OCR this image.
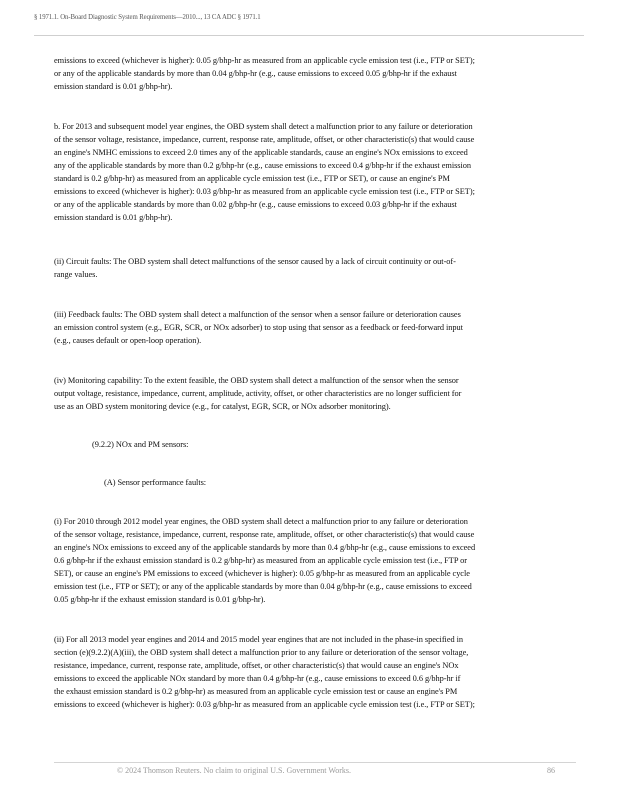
§ 1971.1. On-Board Diagnostic System Requirements—2010..., 13 CA ADC § 1971.1

emissions to exceed (whichever is higher): 0.05 g/bhp-hr as measured from an applicable cycle emission test (i.e., FTP or SET);
or any of the applicable standards by more than 0.04 g/bhp-hr (e.g., cause emissions to exceed 0.05 g/bhp-hr if the exhaust
emission standard is 0.01 g/bhp-hr).

b. For 2013 and subsequent model year engines, the OBD system shall detect a malfunction prior to any failure or deterioration
of the sensor voltage, resistance, impedance, current, response rate, amplitude, offset, or other characteristic(s) that would cause
an engine's NMHC emissions to exceed 2.0 times any of the applicable standards, cause an engine's NOx emissions to exceed
any of the applicable standards by more than 0.2 g/bhp-hr (e.g., cause emissions to exceed 0.4 g/bhp-hr if the exhaust emission
standard is 0.2 g/bhp-hr) as measured from an applicable cycle emission test (i.e., FTP or SET), or cause an engine's PM
emissions to exceed (whichever is higher): 0.03 g/bhp-hr as measured from an applicable cycle emission test (i.e., FTP or SET);
or any of the applicable standards by more than 0.02 g/bhp-hr (e.g., cause emissions to exceed 0.03 g/bhp-hr if the exhaust
emission standard is 0.01 g/bhp-hr).

(ii) Circuit faults: The OBD system shall detect malfunctions of the sensor caused by a lack of circuit continuity or out-of-
range values.

(iii) Feedback faults: The OBD system shall detect a malfunction of the sensor when a sensor failure or deterioration causes
an emission control system (e.g., EGR, SCR, or NOx adsorber) to stop using that sensor as a feedback or feed-forward input
(e.g., causes default or open-loop operation).

(iv) Monitoring capability: To the extent feasible, the OBD system shall detect a malfunction of the sensor when the sensor
output voltage, resistance, impedance, current, amplitude, activity, offset, or other characteristics are no longer sufficient for
use as an OBD system monitoring device (e.g., for catalyst, EGR, SCR, or NOx adsorber monitoring).

(9.2.2) NOx and PM sensors:

(A) Sensor performance faults:

(i) For 2010 through 2012 model year engines, the OBD system shall detect a malfunction prior to any failure or deterioration
of the sensor voltage, resistance, impedance, current, response rate, amplitude, offset, or other characteristic(s) that would cause
an engine's NOx emissions to exceed any of the applicable standards by more than 0.4 g/bhp-hr (e.g., cause emissions to exceed
0.6 g/bhp-hr if the exhaust emission standard is 0.2 g/bhp-hr) as measured from an applicable cycle emission test (i.e., FTP or
SET), or cause an engine's PM emissions to exceed (whichever is higher): 0.05 g/bhp-hr as measured from an applicable cycle
emission test (i.e., FTP or SET); or any of the applicable standards by more than 0.04 g/bhp-hr (e.g., cause emissions to exceed
0.05 g/bhp-hr if the exhaust emission standard is 0.01 g/bhp-hr).

(ii) For all 2013 model year engines and 2014 and 2015 model year engines that are not included in the phase-in specified in
section (e)(9.2.2)(A)(iii), the OBD system shall detect a malfunction prior to any failure or deterioration of the sensor voltage,
resistance, impedance, current, response rate, amplitude, offset, or other characteristic(s) that would cause an engine's NOx
emissions to exceed the applicable NOx standard by more than 0.4 g/bhp-hr (e.g., cause emissions to exceed 0.6 g/bhp-hr if
the exhaust emission standard is 0.2 g/bhp-hr) as measured from an applicable cycle emission test or cause an engine's PM
emissions to exceed (whichever is higher): 0.03 g/bhp-hr as measured from an applicable cycle emission test (i.e., FTP or SET);

© 2024 Thomson Reuters. No claim to original U.S. Government Works.	86
